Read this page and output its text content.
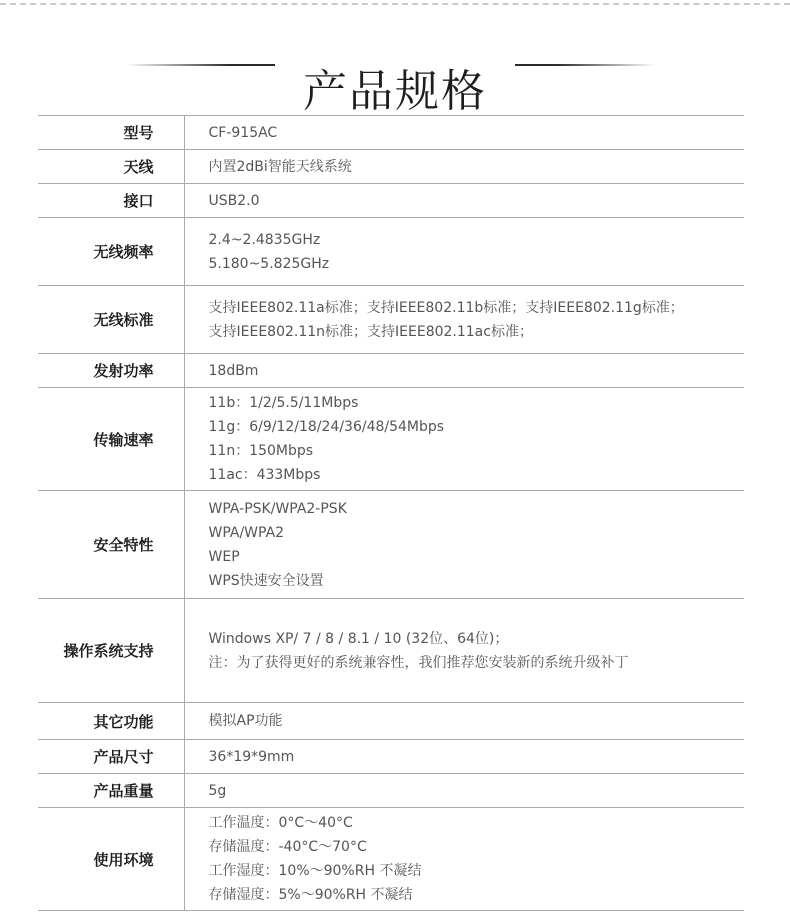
产品规格
型号	CF-915AC

天线	内置2dBi智能天线系统

接口	USB2.0

无线频率	2.4~2.4835GHz
5.180~5.825GHz

无线标准	支持IEEE802.11a标准；支持IEEE802.11b标准；支持IEEE802.11g标准；
支持IEEE802.11n标准；支持IEEE802.11ac标准；

发射功率	18dBm

传输速率	11b：1/2/5.5/11Mbps
11g：6/9/12/18/24/36/48/54Mbps
11n：150Mbps
11ac：433Mbps

安全特性	WPA-PSK/WPA2-PSK
WPA/WPA2
WEP
WPS快速安全设置

操作系统支持	Windows XP/ 7 / 8 / 8.1 / 10 (32位、64位)；
注：为了获得更好的系统兼容性，我们推荐您安装新的系统升级补丁

其它功能	模拟AP功能

产品尺寸	36*19*9mm

产品重量	5g

使用环境	工作温度：0°C～40°C
存储温度：-40°C～70°C
工作湿度：10%～90%RH 不凝结
存储湿度：5%～90%RH 不凝结
